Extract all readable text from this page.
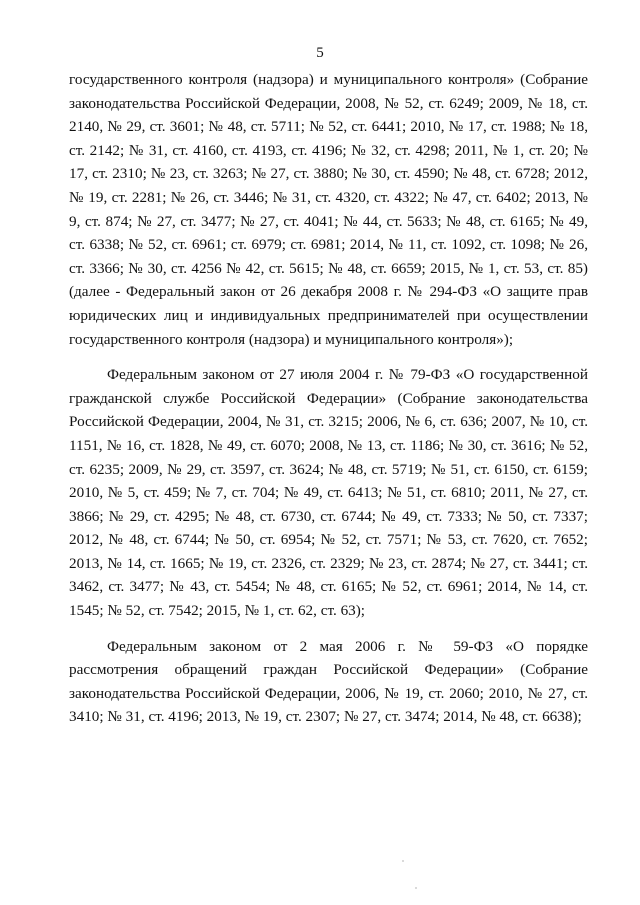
5

государственного контроля (надзора) и муниципального контроля» (Собрание законодательства Российской Федерации, 2008, № 52, ст. 6249; 2009, № 18, ст. 2140, № 29, ст. 3601; № 48, ст. 5711; № 52, ст. 6441; 2010, № 17, ст. 1988; № 18, ст. 2142; № 31, ст. 4160, ст. 4193, ст. 4196; № 32, ст. 4298; 2011, № 1, ст. 20; № 17, ст. 2310; № 23, ст. 3263; № 27, ст. 3880; № 30, ст. 4590; № 48, ст. 6728; 2012, № 19, ст. 2281; № 26, ст. 3446; № 31, ст. 4320, ст. 4322; № 47, ст. 6402; 2013, № 9, ст. 874; № 27, ст. 3477; № 27, ст. 4041; № 44, ст. 5633; № 48, ст. 6165; № 49, ст. 6338; № 52, ст. 6961; ст. 6979; ст. 6981; 2014, № 11, ст. 1092, ст. 1098; № 26, ст. 3366; № 30, ст. 4256 № 42, ст. 5615; № 48, ст. 6659; 2015, № 1, ст. 53, ст. 85) (далее - Федеральный закон от 26 декабря 2008 г. № 294-ФЗ «О защите прав юридических лиц и индивидуальных предпринимателей при осуществлении государственного контроля (надзора) и муниципального контроля»);

Федеральным законом от 27 июля 2004 г. № 79-ФЗ «О государственной гражданской службе Российской Федерации» (Собрание законодательства Российской Федерации, 2004, № 31, ст. 3215; 2006, № 6, ст. 636; 2007, № 10, ст. 1151, № 16, ст. 1828, № 49, ст. 6070; 2008, № 13, ст. 1186; № 30, ст. 3616; № 52, ст. 6235; 2009, № 29, ст. 3597, ст. 3624; № 48, ст. 5719; № 51, ст. 6150, ст. 6159; 2010, № 5, ст. 459; № 7, ст. 704; № 49, ст. 6413; № 51, ст. 6810; 2011, № 27, ст. 3866; № 29, ст. 4295; № 48, ст. 6730, ст. 6744; № 49, ст. 7333; № 50, ст. 7337; 2012, № 48, ст. 6744; № 50, ст. 6954; № 52, ст. 7571; № 53, ст. 7620, ст. 7652; 2013, № 14, ст. 1665; № 19, ст. 2326, ст. 2329; № 23, ст. 2874; № 27, ст. 3441; ст. 3462, ст. 3477; № 43, ст. 5454; № 48, ст. 6165; № 52, ст. 6961; 2014, № 14, ст. 1545; № 52, ст. 7542; 2015, № 1, ст. 62, ст. 63);

Федеральным законом от 2 мая 2006 г. № 59-ФЗ «О порядке рассмотрения обращений граждан Российской Федерации» (Собрание законодательства Российской Федерации, 2006, № 19, ст. 2060; 2010, № 27, ст. 3410; № 31, ст. 4196; 2013, № 19, ст. 2307; № 27, ст. 3474; 2014, № 48, ст. 6638);
